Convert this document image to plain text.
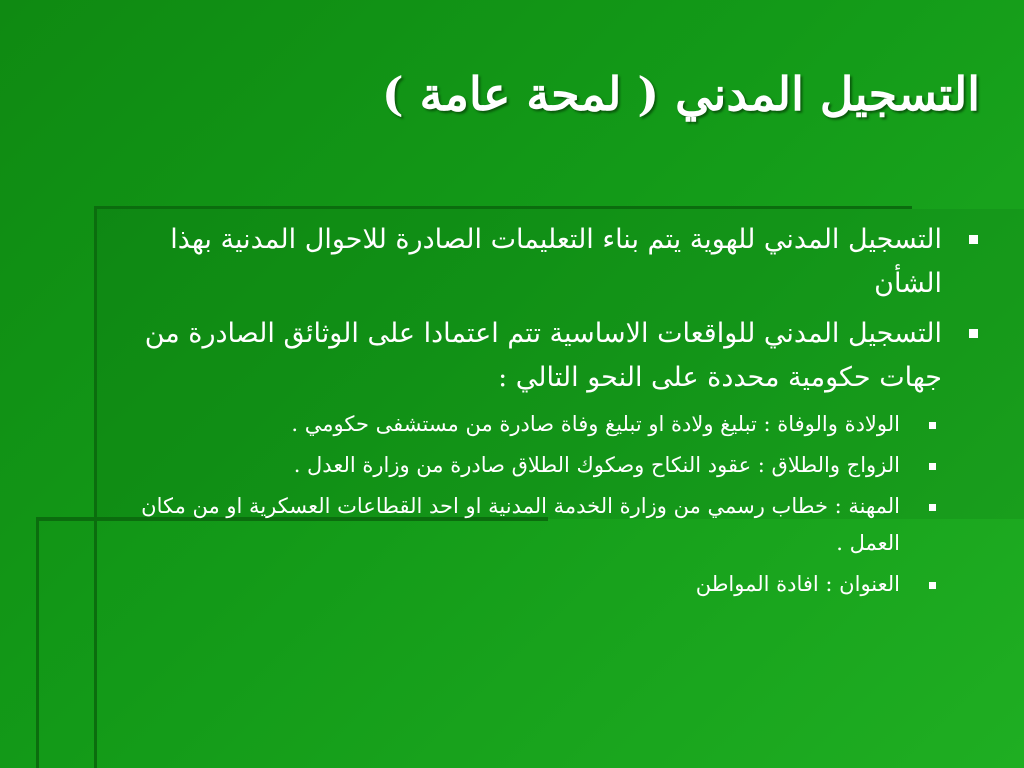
التسجيل المدني ( لمحة عامة )
التسجيل المدني للهوية يتم بناء التعليمات الصادرة للاحوال المدنية بهذا الشأن
التسجيل المدني للواقعات الاساسية تتم اعتمادا على الوثائق الصادرة من جهات حكومية محددة على النحو التالي :
الولادة والوفاة : تبليغ ولادة او تبليغ وفاة صادرة من مستشفى حكومي .
الزواج والطلاق : عقود النكاح وصكوك الطلاق صادرة من وزارة العدل .
المهنة : خطاب رسمي من وزارة الخدمة المدنية او احد القطاعات العسكرية او من مكان العمل .
العنوان : افادة المواطن
